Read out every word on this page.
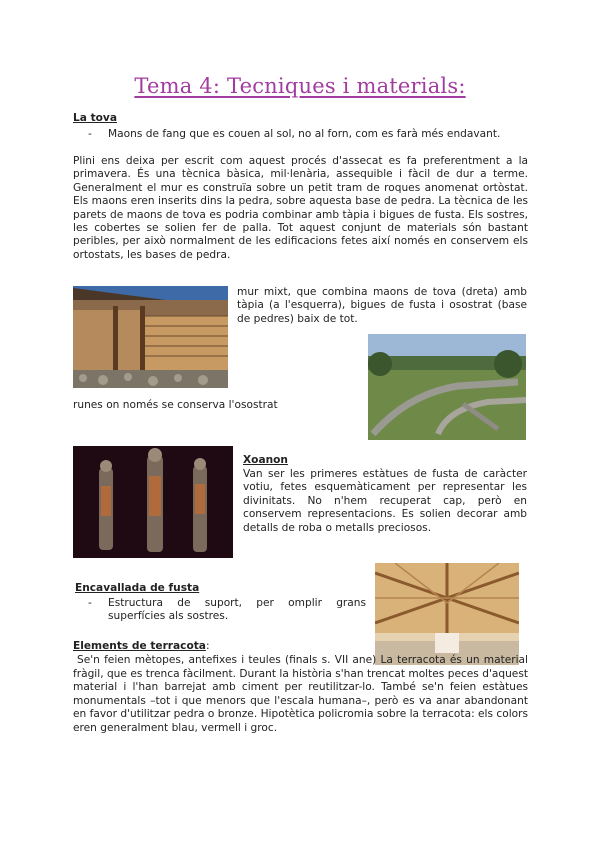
Tema 4: Tecniques i materials:
La tova
- Maons de fang que es couen al sol, no al forn, com es farà més endavant.
Plini ens deixa per escrit com aquest procés d'assecat es fa preferentment a la primavera. És una tècnica bàsica, mil·lenària, assequible i fàcil de dur a terme. Generalment el mur es construïa sobre un petit tram de roques anomenat ortòstat. Els maons eren inserits dins la pedra, sobre aquesta base de pedra. La tècnica de les parets de maons de tova es podria combinar amb tàpia i bigues de fusta. Els sostres, les cobertes se solien fer de palla. Tot aquest conjunt de materials són bastant peribles, per això normalment de les edificacions fetes així només en conservem els ortostats, les bases de pedra.
mur mixt, que combina maons de tova (dreta) amb tàpia (a l'esquerra), bigues de fusta i osostrat (base de pedres) baix de tot.
runes on només se conserva l'osostrat
Xoanon
Van ser les primeres estàtues de fusta de caràcter votiu, fetes esquemàticament per representar les divinitats. No n'hem recuperat cap, però en conservem representacions. Es solien decorar amb detalls de roba o metalls preciosos.
Encavallada de fusta
- Estructura de suport, per omplir grans superfícies als sostres.
Elements de terracota:
Se'n feien mètopes, antefixes i teules (finals s. VII ane) La terracota és un material fràgil, que es trenca fàcilment. Durant la història s'han trencat moltes peces d'aquest material i l'han barrejat amb ciment per reutilitzar-lo. També se'n feien estàtues monumentals –tot i que menors que l'escala humana–, però es va anar abandonant en favor d'utilitzar pedra o bronze. Hipotètica policromia sobre la terracota: els colors eren generalment blau, vermell i groc.
